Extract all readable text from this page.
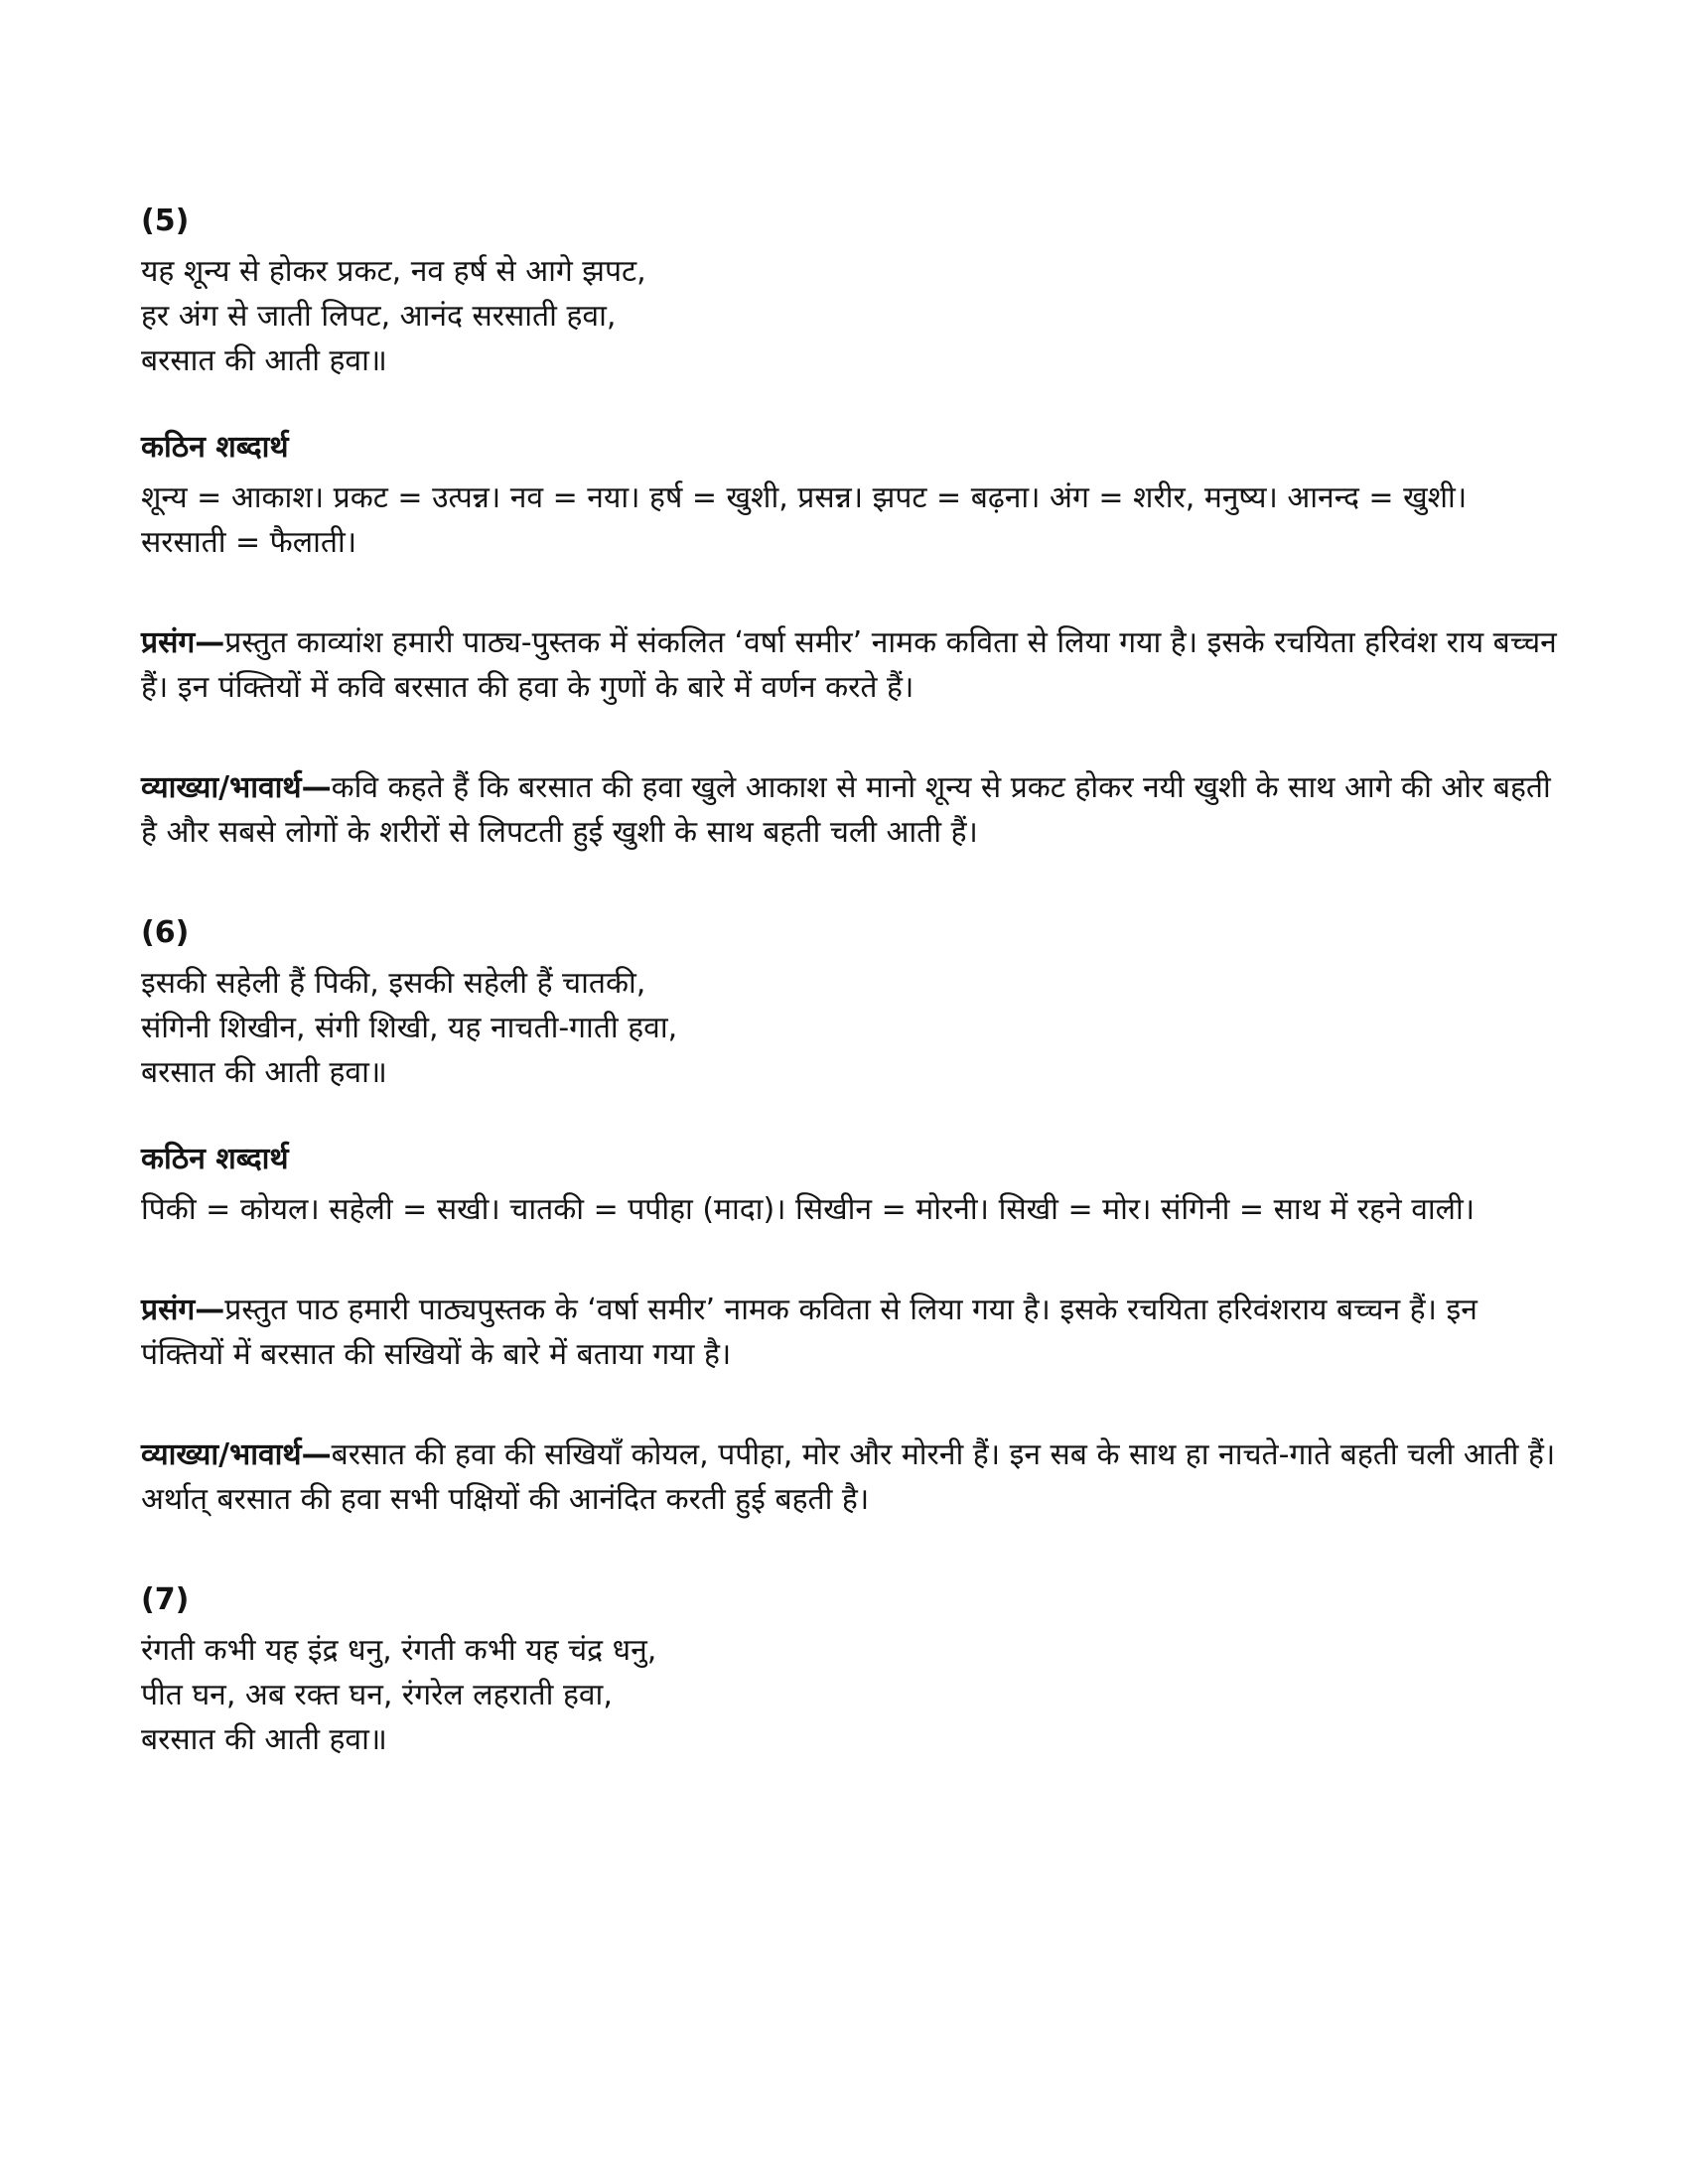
(5)
यह शून्य से होकर प्रकट, नव हर्ष से आगे झपट,
हर अंग से जाती लिपट, आनंद सरसाती हवा,
बरसात की आती हवा॥
कठिन शब्दार्थ

शून्य = आकाश। प्रकट = उत्पन्न। नव = नया। हर्ष = खुशी, प्रसन्न। झपट = बढ़ना। अंग = शरीर, मनुष्य। आनन्द = खुशी। सरसाती = फैलाती।

प्रसंग—प्रस्तुत काव्यांश हमारी पाठ्य-पुस्तक में संकलित ‘वर्षा समीर’ नामक कविता से लिया गया है। इसके रचयिता हरिवंश राय बच्चन हैं। इन पंक्तियों में कवि बरसात की हवा के गुणों के बारे में वर्णन करते हैं।

व्याख्या/भावार्थ—कवि कहते हैं कि बरसात की हवा खुले आकाश से मानो शून्य से प्रकट होकर नयी खुशी के साथ आगे की ओर बहती है और सबसे लोगों के शरीरों से लिपटती हुई खुशी के साथ बहती चली आती हैं।

(6)
इसकी सहेली हैं पिकी, इसकी सहेली हैं चातकी,
संगिनी शिखीन, संगी शिखी, यह नाचती-गाती हवा,
बरसात की आती हवा॥
कठिन शब्दार्थ

पिकी = कोयल। सहेली = सखी। चातकी = पपीहा (मादा)। सिखीन = मोरनी। सिखी = मोर। संगिनी = साथ में रहने वाली।

प्रसंग—प्रस्तुत पाठ हमारी पाठ्यपुस्तक के ‘वर्षा समीर’ नामक कविता से लिया गया है। इसके रचयिता हरिवंशराय बच्चन हैं। इन पंक्तियों में बरसात की सखियों के बारे में बताया गया है।

व्याख्या/भावार्थ—बरसात की हवा की सखियाँ कोयल, पपीहा, मोर और मोरनी हैं। इन सब के साथ हा नाचते-गाते बहती चली आती हैं। अर्थात् बरसात की हवा सभी पक्षियों की आनंदित करती हुई बहती है।

(7)
रंगती कभी यह इंद्र धनु, रंगती कभी यह चंद्र धनु,
पीत घन, अब रक्त घन, रंगरेल लहराती हवा,
बरसात की आती हवा॥
